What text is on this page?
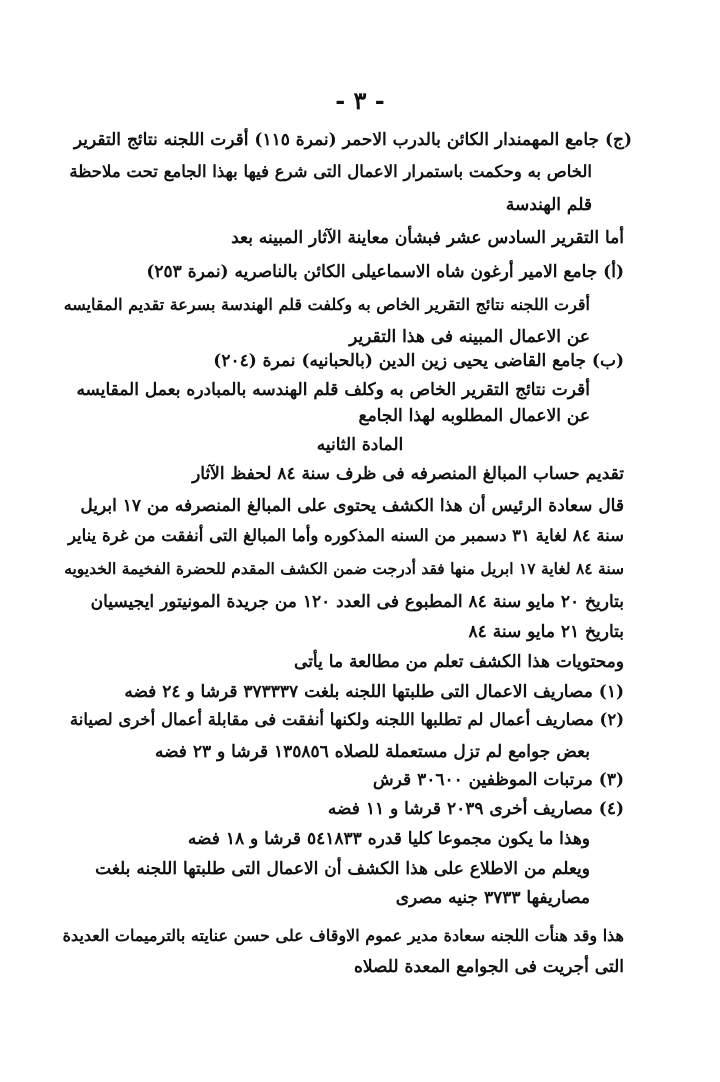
- ٣ -
(ج) جامع المهمندار الكائن بالدرب الاحمر (نمرة ١١٥) أقرت اللجنه نتائج التقرير
الخاص به وحكمت باستمرار الاعمال التى شرع فيها بهذا الجامع تحت ملاحظة
قلم الهندسة
أما التقرير السادس عشر فبشأن معاينة الآثار المبينه بعد
(أ) جامع الامير أرغون شاه الاسماعيلى الكائن بالناصريه (نمرة ٢٥٣)
أقرت اللجنه نتائج التقرير الخاص به وكلفت قلم الهندسة بسرعة تقديم المقايسه
عن الاعمال المبينه فى هذا التقرير
(ب) جامع القاضى يحيى زين الدين (بالحبانيه) نمرة (٢٠٤)
أقرت نتائج التقرير الخاص به وكلف قلم الهندسه بالمبادره بعمل المقايسه
عن الاعمال المطلوبه لهذا الجامع
المادة الثانيه
تقديم حساب المبالغ المنصرفه فى ظرف سنة ٨٤ لحفظ الآثار
قال سعادة الرئيس أن هذا الكشف يحتوى على المبالغ المنصرفه من ١٧ ابريل
سنة ٨٤ لغاية ٣١ دسمبر من السنه المذكوره وأما المبالغ التى أنفقت من غرة يناير
سنة ٨٤ لغاية ١٧ ابريل منها فقد أدرجت ضمن الكشف المقدم للحضرة الفخيمة الخديويه
بتاريخ ٢٠ مايو سنة ٨٤ المطبوع فى العدد ١٢٠ من جريدة المونيتور ايجيسيان
بتاريخ ٢١ مايو سنة ٨٤
ومحتويات هذا الكشف تعلم من مطالعة ما يأتى
(١) مصاريف الاعمال التى طلبتها اللجنه بلغت ٣٧٣٣٣٧ قرشا و ٢٤ فضه
(٢) مصاريف أعمال لم تطلبها اللجنه ولكنها أنفقت فى مقابلة أعمال أخرى لصيانة
بعض جوامع لم تزل مستعملة للصلاه ١٣٥٨٥٦ قرشا و ٢٣ فضه
(٣) مرتبات الموظفين ٣٠٦٠٠ قرش
(٤) مصاريف أخرى ٢٠٣٩ قرشا و ١١ فضه
وهذا ما يكون مجموعا كليا قدره ٥٤١٨٣٣ قرشا و ١٨ فضه
ويعلم من الاطلاع على هذا الكشف أن الاعمال التى طلبتها اللجنه بلغت
مصاريفها ٣٧٣٣ جنيه مصرى
هذا وقد هنأت اللجنه سعادة مدير عموم الاوقاف على حسن عنايته بالترميمات العديدة
التى أجريت فى الجوامع المعدة للصلاه
